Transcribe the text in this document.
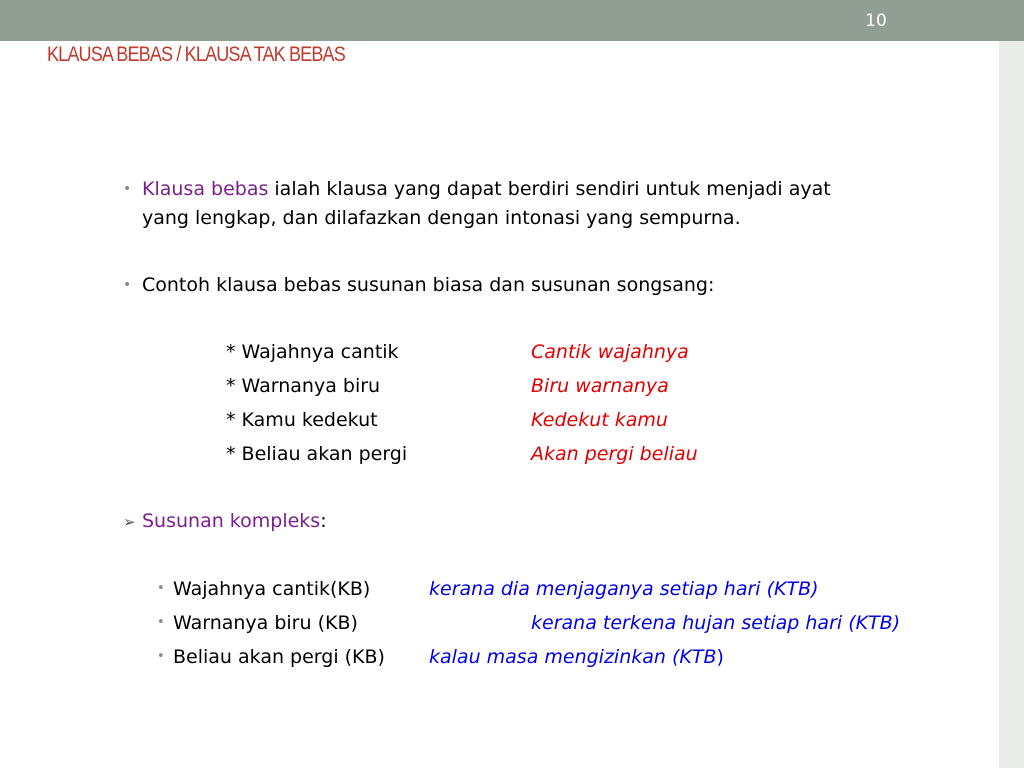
10
KLAUSA BEBAS / KLAUSA TAK BEBAS
• Klausa bebas ialah klausa yang dapat berdiri sendiri untuk menjadi ayat
yang lengkap, dan dilafazkan dengan intonasi yang sempurna.
• Contoh klausa bebas susunan biasa dan susunan songsang:
* Wajahnya cantik	Cantik wajahnya
* Warnanya biru	Biru warnanya
* Kamu kedekut	Kedekut kamu
* Beliau akan pergi	Akan pergi beliau
➢ Susunan kompleks:
• Wajahnya cantik(KB)	kerana dia menjaganya setiap hari (KTB)
• Warnanya biru (KB)	kerana terkena hujan setiap hari (KTB)
• Beliau akan pergi (KB) kalau masa mengizinkan (KTB)
